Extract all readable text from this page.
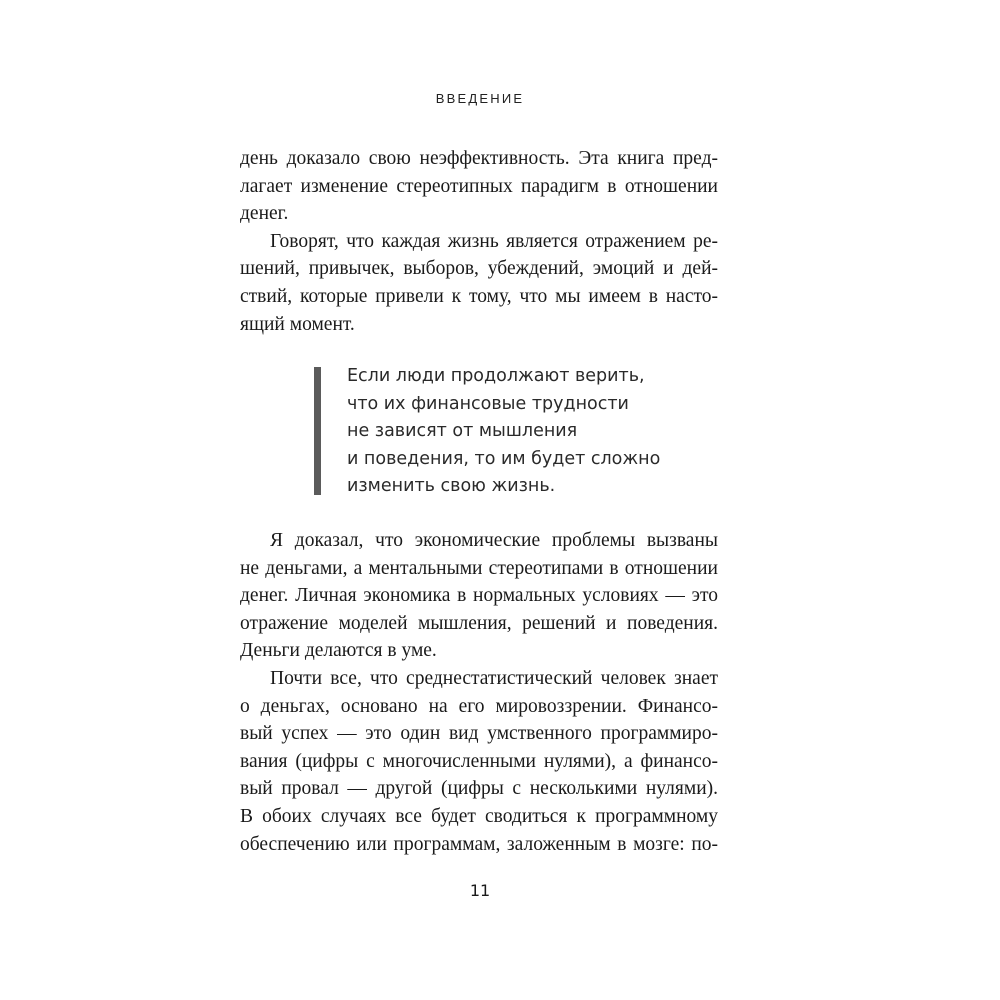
ВВЕДЕНИЕ
день доказало свою неэффективность. Эта книга пред-
лагает изменение стереотипных парадигм в отношении
денег.
Говорят, что каждая жизнь является отражением ре-
шений, привычек, выборов, убеждений, эмоций и дей-
ствий, которые привели к тому, что мы имеем в насто-
ящий момент.
Если люди продолжают верить,
что их финансовые трудности
не зависят от мышления
и поведения, то им будет сложно
изменить свою жизнь.
Я доказал, что экономические проблемы вызваны
не деньгами, а ментальными стереотипами в отношении
денег. Личная экономика в нормальных условиях — это
отражение моделей мышления, решений и поведения.
Деньги делаются в уме.
Почти все, что среднестатистический человек знает
о деньгах, основано на его мировоззрении. Финансо-
вый успех — это один вид умственного программиро-
вания (цифры с многочисленными нулями), а финансо-
вый провал — другой (цифры с несколькими нулями).
В обоих случаях все будет сводиться к программному
обеспечению или программам, заложенным в мозге: по-
11
